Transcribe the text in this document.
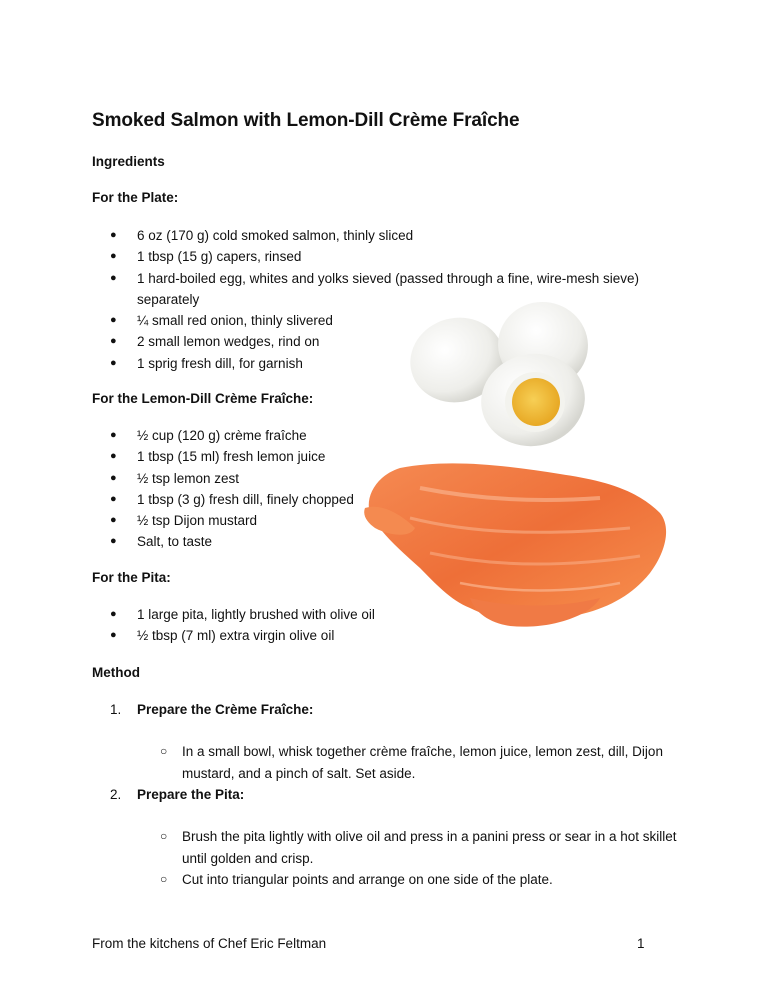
Smoked Salmon with Lemon-Dill Crème Fraîche

Ingredients

For the Plate:

● 6 oz (170 g) cold smoked salmon, thinly sliced
● 1 tbsp (15 g) capers, rinsed
● 1 hard-boiled egg, whites and yolks sieved (passed through a fine, wire-mesh sieve) separately
● ¼ small red onion, thinly slivered
● 2 small lemon wedges, rind on
● 1 sprig fresh dill, for garnish

For the Lemon-Dill Crème Fraîche:

● ½ cup (120 g) crème fraîche
● 1 tbsp (15 ml) fresh lemon juice
● ½ tsp lemon zest
● 1 tbsp (3 g) fresh dill, finely chopped
● ½ tsp Dijon mustard
● Salt, to taste

For the Pita:

● 1 large pita, lightly brushed with olive oil
● ½ tbsp (7 ml) extra virgin olive oil

Method

1. Prepare the Crème Fraîche:

○ In a small bowl, whisk together crème fraîche, lemon juice, lemon zest, dill, Dijon mustard, and a pinch of salt. Set aside.

2. Prepare the Pita:

○ Brush the pita lightly with olive oil and press in a panini press or sear in a hot skillet until golden and crisp.
○ Cut into triangular points and arrange on one side of the plate.

From the kitchens of Chef Eric Feltman	1
